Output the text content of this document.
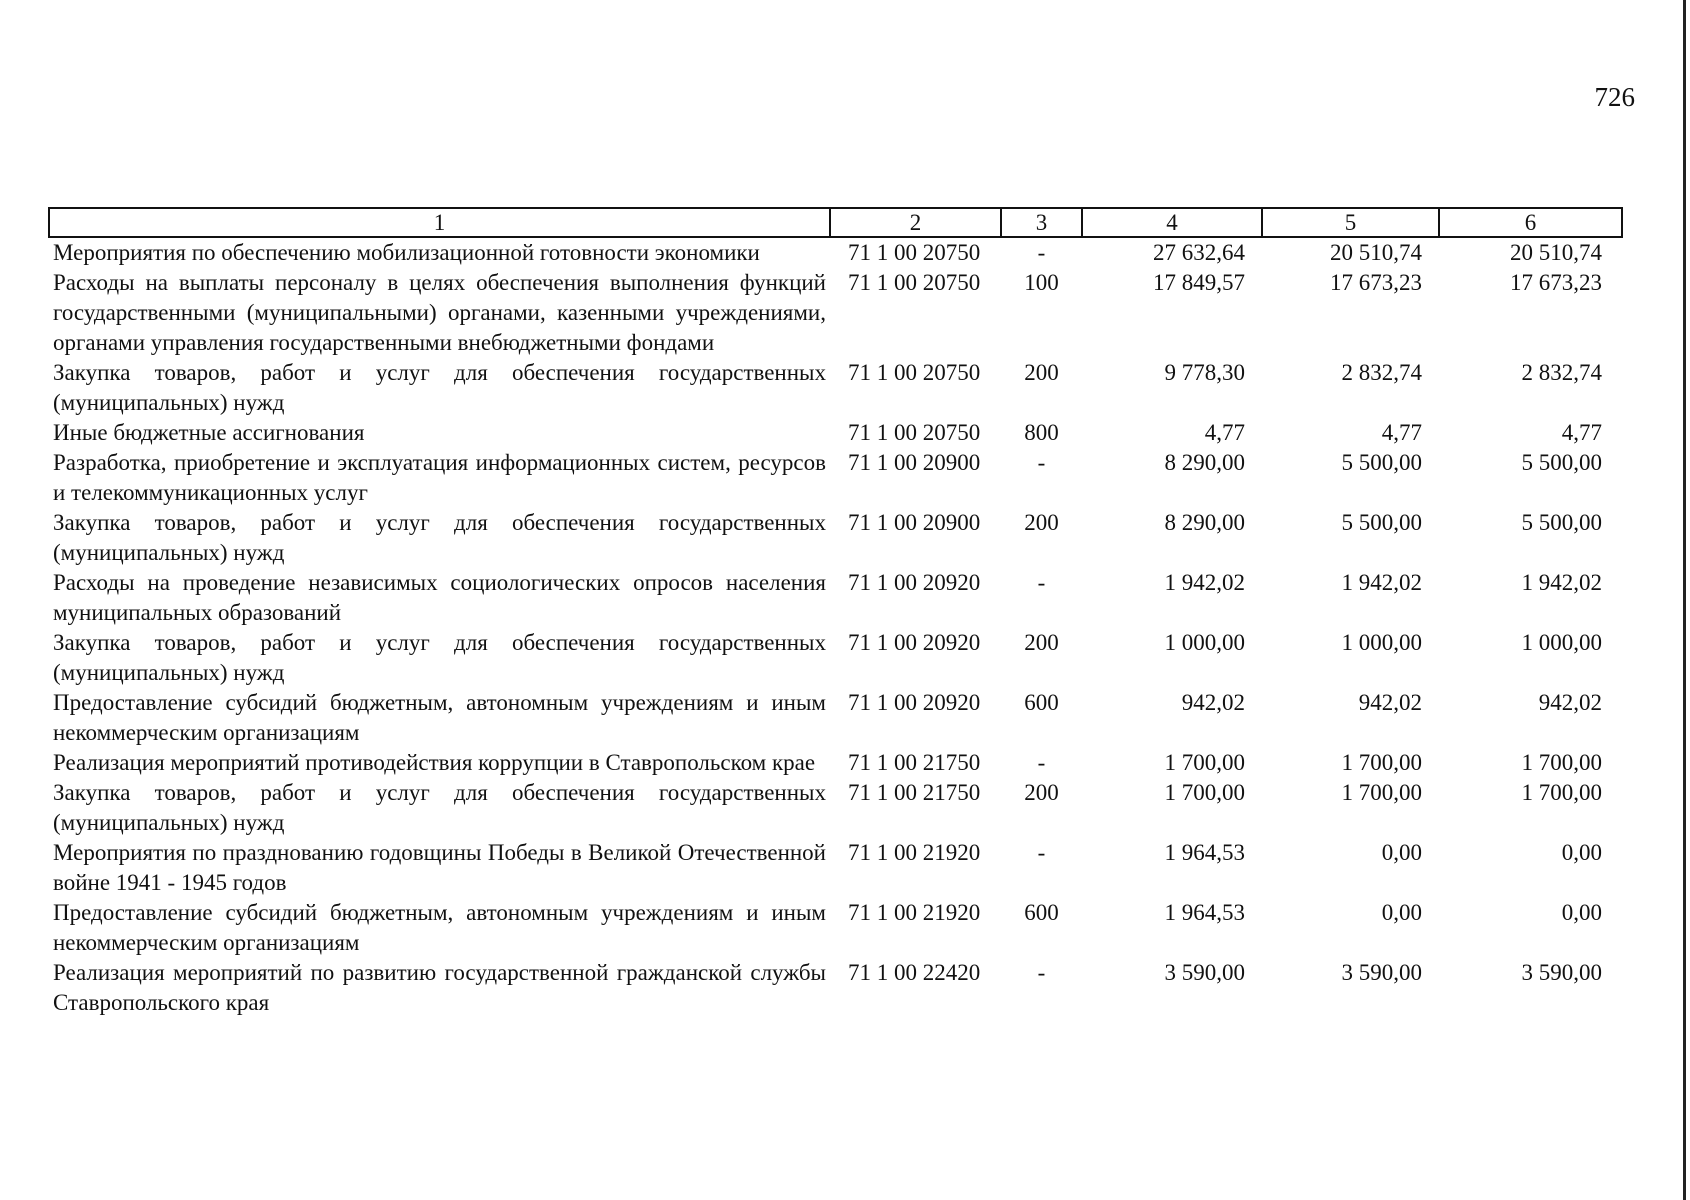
726
1	2	3	4	5	6
Мероприятия по обеспечению мобилизационной готовности экономики	71 1 00 20750	-	27 632,64	20 510,74	20 510,74
Расходы на выплаты персоналу в целях обеспечения выполнения функций государственными (муниципальными) органами, казенными учреждениями, органами управления государственными внебюджетными фондами	71 1 00 20750	100	17 849,57	17 673,23	17 673,23
Закупка товаров, работ и услуг для обеспечения государственных (муниципальных) нужд	71 1 00 20750	200	9 778,30	2 832,74	2 832,74
Иные бюджетные ассигнования	71 1 00 20750	800	4,77	4,77	4,77
Разработка, приобретение и эксплуатация информационных систем, ресурсов и телекоммуникационных услуг	71 1 00 20900	-	8 290,00	5 500,00	5 500,00
Закупка товаров, работ и услуг для обеспечения государственных (муниципальных) нужд	71 1 00 20900	200	8 290,00	5 500,00	5 500,00
Расходы на проведение независимых социологических опросов населения муниципальных образований	71 1 00 20920	-	1 942,02	1 942,02	1 942,02
Закупка товаров, работ и услуг для обеспечения государственных (муниципальных) нужд	71 1 00 20920	200	1 000,00	1 000,00	1 000,00
Предоставление субсидий бюджетным, автономным учреждениям и иным некоммерческим организациям	71 1 00 20920	600	942,02	942,02	942,02
Реализация мероприятий противодействия коррупции в Ставропольском крае	71 1 00 21750	-	1 700,00	1 700,00	1 700,00
Закупка товаров, работ и услуг для обеспечения государственных (муниципальных) нужд	71 1 00 21750	200	1 700,00	1 700,00	1 700,00
Мероприятия по празднованию годовщины Победы в Великой Отечественной войне 1941 - 1945 годов	71 1 00 21920	-	1 964,53	0,00	0,00
Предоставление субсидий бюджетным, автономным учреждениям и иным некоммерческим организациям	71 1 00 21920	600	1 964,53	0,00	0,00
Реализация мероприятий по развитию государственной гражданской службы Ставропольского края	71 1 00 22420	-	3 590,00	3 590,00	3 590,00
